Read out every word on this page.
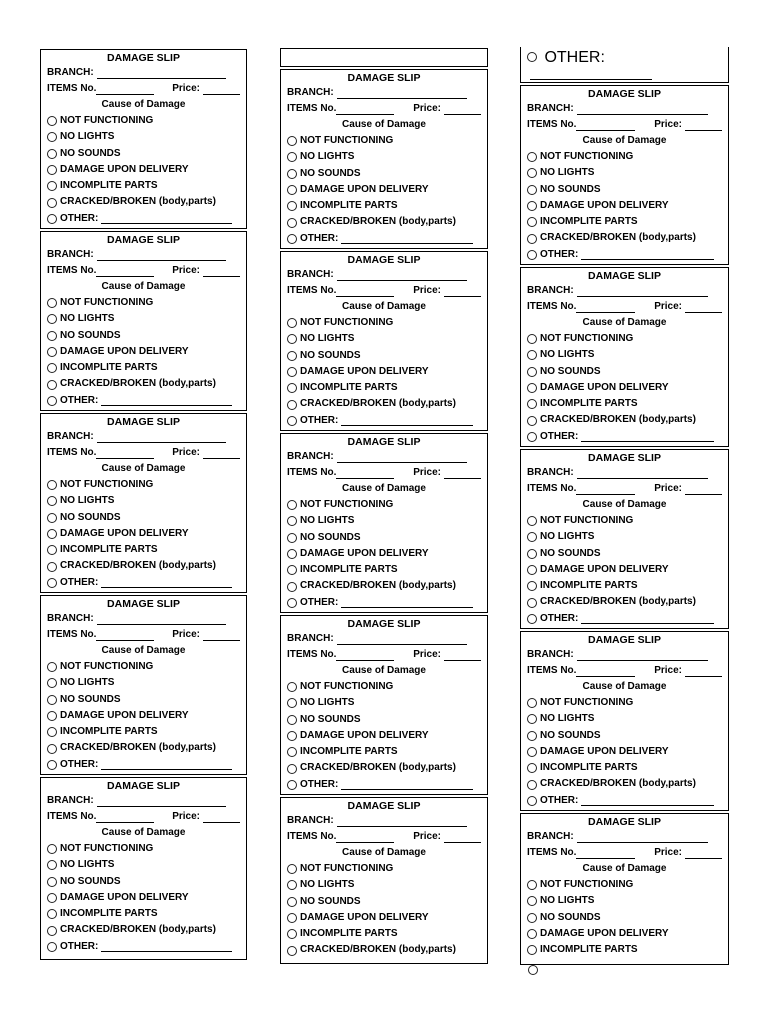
DAMAGE SLIP
BRANCH:
ITEMS No.	Price:
Cause of Damage
NOT FUNCTIONING
NO LIGHTS
NO SOUNDS
DAMAGE UPON DELIVERY
INCOMPLITE PARTS
CRACKED/BROKEN (body,parts)
OTHER:
DAMAGE SLIP
BRANCH:
ITEMS No.	Price:
Cause of Damage
NOT FUNCTIONING
NO LIGHTS
NO SOUNDS
DAMAGE UPON DELIVERY
INCOMPLITE PARTS
CRACKED/BROKEN (body,parts)
OTHER:
DAMAGE SLIP
BRANCH:
ITEMS No.	Price:
Cause of Damage
NOT FUNCTIONING
NO LIGHTS
NO SOUNDS
DAMAGE UPON DELIVERY
INCOMPLITE PARTS
CRACKED/BROKEN (body,parts)
OTHER:
DAMAGE SLIP
BRANCH:
ITEMS No.	Price:
Cause of Damage
NOT FUNCTIONING
NO LIGHTS
NO SOUNDS
DAMAGE UPON DELIVERY
INCOMPLITE PARTS
CRACKED/BROKEN (body,parts)
OTHER:
DAMAGE SLIP
BRANCH:
ITEMS No.	Price:
Cause of Damage
NOT FUNCTIONING
NO LIGHTS
NO SOUNDS
DAMAGE UPON DELIVERY
INCOMPLITE PARTS
CRACKED/BROKEN (body,parts)
OTHER:
DAMAGE SLIP
BRANCH:
ITEMS No.	Price:
Cause of Damage
NOT FUNCTIONING
NO LIGHTS
NO SOUNDS
DAMAGE UPON DELIVERY
INCOMPLITE PARTS
CRACKED/BROKEN (body,parts)
OTHER:
DAMAGE SLIP
BRANCH:
ITEMS No.	Price:
Cause of Damage
NOT FUNCTIONING
NO LIGHTS
NO SOUNDS
DAMAGE UPON DELIVERY
INCOMPLITE PARTS
CRACKED/BROKEN (body,parts)
OTHER:
DAMAGE SLIP
BRANCH:
ITEMS No.	Price:
Cause of Damage
NOT FUNCTIONING
NO LIGHTS
NO SOUNDS
DAMAGE UPON DELIVERY
INCOMPLITE PARTS
CRACKED/BROKEN (body,parts)
OTHER:
DAMAGE SLIP
BRANCH:
ITEMS No.	Price:
Cause of Damage
NOT FUNCTIONING
NO LIGHTS
NO SOUNDS
DAMAGE UPON DELIVERY
INCOMPLITE PARTS
CRACKED/BROKEN (body,parts)
OTHER:
DAMAGE SLIP
BRANCH:
ITEMS No.	Price:
Cause of Damage
NOT FUNCTIONING
NO LIGHTS
NO SOUNDS
DAMAGE UPON DELIVERY
INCOMPLITE PARTS
CRACKED/BROKEN (body,parts)
OTHER:
DAMAGE SLIP
BRANCH:
ITEMS No.	Price:
Cause of Damage
NOT FUNCTIONING
NO LIGHTS
NO SOUNDS
DAMAGE UPON DELIVERY
INCOMPLITE PARTS
CRACKED/BROKEN (body,parts)
OTHER:
DAMAGE SLIP
BRANCH:
ITEMS No.	Price:
Cause of Damage
NOT FUNCTIONING
NO LIGHTS
NO SOUNDS
DAMAGE UPON DELIVERY
INCOMPLITE PARTS
CRACKED/BROKEN (body,parts)
OTHER:
DAMAGE SLIP
BRANCH:
ITEMS No.	Price:
Cause of Damage
NOT FUNCTIONING
NO LIGHTS
NO SOUNDS
DAMAGE UPON DELIVERY
INCOMPLITE PARTS
CRACKED/BROKEN (body,parts)
OTHER:
DAMAGE SLIP
BRANCH:
ITEMS No.	Price:
Cause of Damage
NOT FUNCTIONING
NO LIGHTS
NO SOUNDS
DAMAGE UPON DELIVERY
INCOMPLITE PARTS
CRACKED/BROKEN (body,parts)
OTHER:
DAMAGE SLIP
BRANCH:
ITEMS No.	Price:
Cause of Damage
NOT FUNCTIONING
NO LIGHTS
NO SOUNDS
DAMAGE UPON DELIVERY
INCOMPLITE PARTS
